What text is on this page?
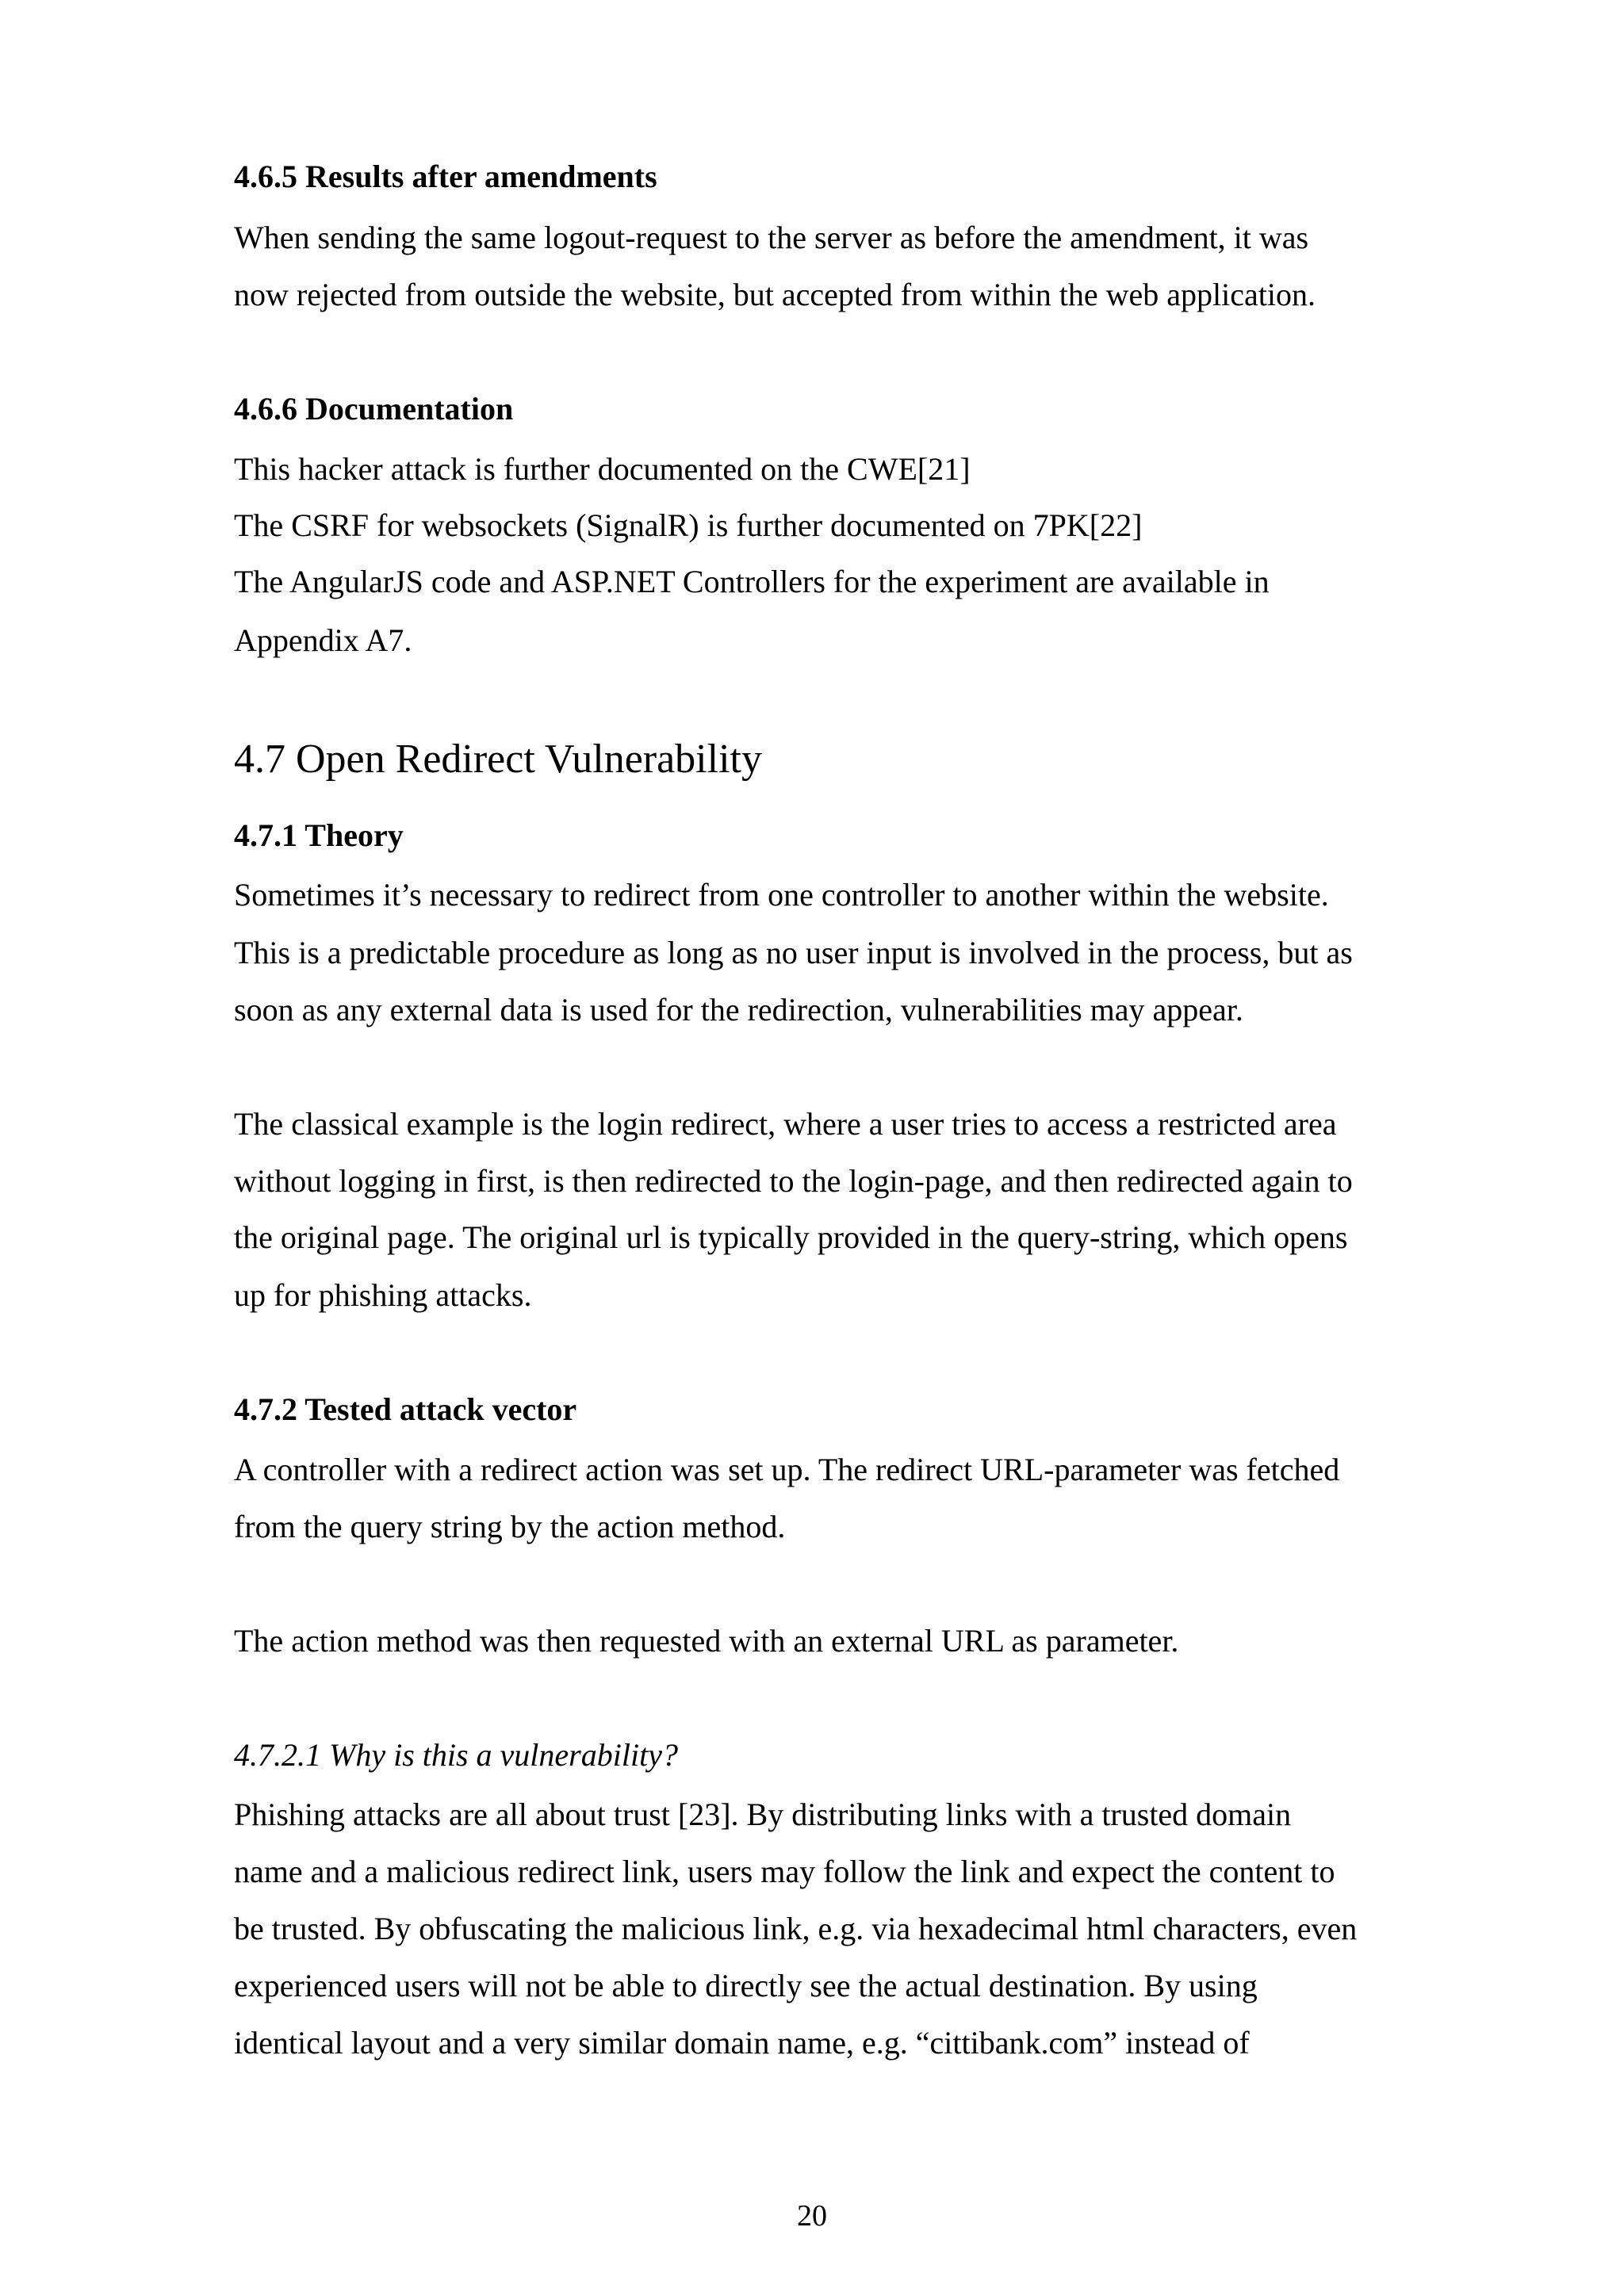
4.6.5 Results after amendments
When sending the same logout-request to the server as before the amendment, it was
now rejected from outside the website, but accepted from within the web application.
4.6.6 Documentation
This hacker attack is further documented on the CWE[21]
The CSRF for websockets (SignalR) is further documented on 7PK[22]
The AngularJS code and ASP.NET Controllers for the experiment are available in
Appendix A7.
4.7 Open Redirect Vulnerability
4.7.1 Theory
Sometimes it’s necessary to redirect from one controller to another within the website.
This is a predictable procedure as long as no user input is involved in the process, but as
soon as any external data is used for the redirection, vulnerabilities may appear.
The classical example is the login redirect, where a user tries to access a restricted area
without logging in first, is then redirected to the login-page, and then redirected again to
the original page. The original url is typically provided in the query-string, which opens
up for phishing attacks.
4.7.2 Tested attack vector
A controller with a redirect action was set up. The redirect URL-parameter was fetched
from the query string by the action method.
The action method was then requested with an external URL as parameter.
4.7.2.1 Why is this a vulnerability?
Phishing attacks are all about trust [23]. By distributing links with a trusted domain
name and a malicious redirect link, users may follow the link and expect the content to
be trusted. By obfuscating the malicious link, e.g. via hexadecimal html characters, even
experienced users will not be able to directly see the actual destination. By using
identical layout and a very similar domain name, e.g. “cittibank.com” instead of
20
